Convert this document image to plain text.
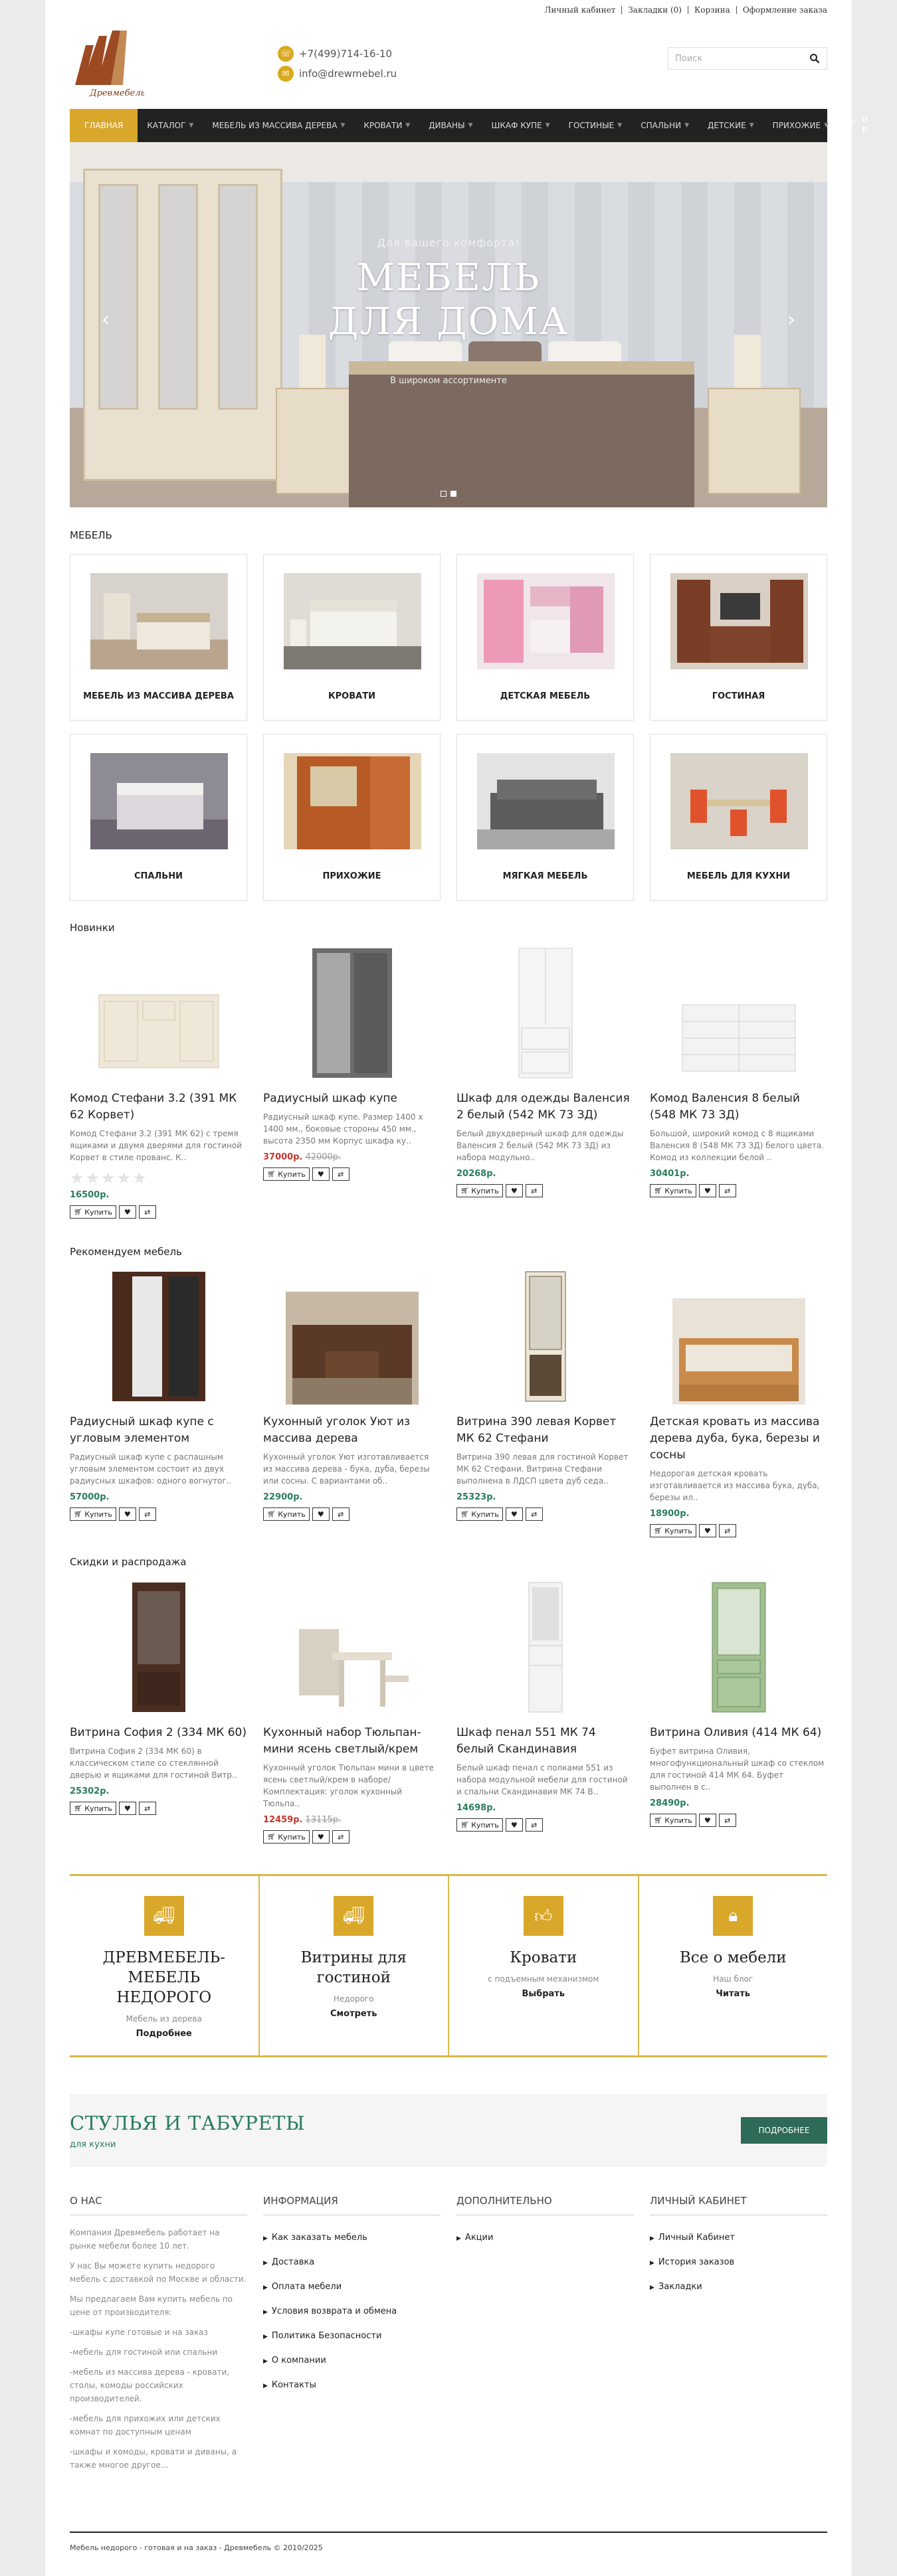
Личный кабинет	Закладки (0)	Корзина	Оформление заказа
Древмебель
☏ +7(499)714-16-10
✉ info@drewmebel.ru
Поиск
ГЛАВНАЯ	КАТАЛОГ ▼ МЕБЕЛЬ ИЗ МАССИВА ДЕРЕВА ▼ КРОВАТИ ▼ ДИВАНЫ ▼ ШКАФ КУПЕ ▼ ГОСТИНЫЕ ▼ СПАЛЬНИ ▼ ДЕТСКИЕ ▼ ПРИХОЖИЕ ▼ 🛒︎ 0 0 Р.
Для вашего комфорта!
МЕБЕЛЬ
ДЛЯ ДОМА
В широком ассортименте
‹	›
МЕБЕЛЬ
МЕБЕЛЬ ИЗ МАССИВА ДЕРЕВА	КРОВАТИ	ДЕТСКАЯ МЕБЕЛЬ	ГОСТИНАЯ
СПАЛЬНИ	ПРИХОЖИЕ	МЯГКАЯ МЕБЕЛЬ	МЕБЕЛЬ ДЛЯ КУХНИ
Новинки
Комод Стефани 3.2 (391 МК 62 Корвет)
Комод Стефани 3.2 (391 МК 62) с тремя ящиками и двумя дверями для гостиной Корвет в стиле прованс. К..
★★★★★
16500р.
🛒︎
Купить ♥ ⇄
Радиусный шкаф купе
Радиусный шкаф купе. Размер 1400 х 1400 мм., боковые стороны 450 мм., высота 2350 мм Корпус шкафа ку..
37000р. 42000р.
🛒︎
Купить ♥ ⇄
Шкаф для одежды Валенсия 2 белый (542 МК 73 ЗД)
Белый двухдверный шкаф для одежды Валенсия 2 белый (542 МК 73 ЗД) из набора модульно..
20268р.
🛒︎
Купить ♥ ⇄
Комод Валенсия 8 белый (548 МК 73 ЗД)
Большой, широкий комод с 8 ящиками Валенсия 8 (548 МК 73 ЗД) белого цвета. Комод из коллекции белой ..
30401р.
🛒︎
Купить ♥ ⇄
Рекомендуем мебель
Радиусный шкаф купе с угловым элементом
Радиусный шкаф купе с распашным угловым элементом состоит из двух радиусных шкафов: одного вогнутог..
57000р.
🛒︎
Купить ♥ ⇄
Кухонный уголок Уют из массива дерева
Кухонный уголок Уют изготавливается из массива дерева - бука, дуба, березы или сосны. С вариантами об..
22900р.
🛒︎
Купить ♥ ⇄
Витрина 390 левая Корвет МК 62 Стефани
Витрина 390 левая для гостиной Корвет МК 62 Стефани. Витрина Стефани выполнена в ЛДСП цвета дуб седа..
25323р.
🛒︎
Купить ♥ ⇄
Детская кровать из массива дерева дуба, бука, березы и сосны
Недорогая детская кровать изготавливается из массива бука, дуба, березы ил..
18900р.
🛒︎
Купить ♥ ⇄
Скидки и распродажа
Витрина София 2 (334 МК 60)
Витрина София 2 (334 МК 60) в классическом стиле со стеклянной дверью и ящиками для гостиной Витр..
25302р.
🛒︎
Купить ♥ ⇄
Кухонный набор Тюльпан-мини ясень светлый/крем
Кухонный уголок Тюльпан мини в цвете ясень светлый/крем в наборе/Комплектация: уголок кухонный Тюльпа..
12459р. 13115р.
🛒︎
Купить ♥ ⇄
Шкаф пенал 551 МК 74 белый Скандинавия
Белый шкаф пенал с полками 551 из набора модульной мебели для гостиной и спальни Скандинавия МК 74 В..
14698р.
🛒︎
Купить ♥ ⇄
Витрина Оливия (414 МК 64)
Буфет витрина Оливия, многофункциональный шкаф со стеклом для гостиной 414 МК 64. Буфет выполнен в с..
28490р.
🛒︎
Купить ♥ ⇄
🚚︎
ДРЕВМЕБЕЛЬ-МЕБЕЛЬ НЕДОРОГО
Мебель из дерева
Подробнее
🚚︎
Витрины для гостиной
Недорого
Смотреть
👍︎
Кровати
с подъемным механизмом
Выбрать
🔒︎
Все о мебели
Наш блог
Читать
СТУЛЬЯ И ТАБУРЕТЫ
для кухни
ПОДРОБНЕЕ
О НАС
Компания Древмебель работает на рынке мебели более 10 лет.
У нас Вы можете купить недорого мебель с доставкой по Москве и области.
Мы предлагаем Вам купить мебель по цене от производителя:
-шкафы купе готовые и на заказ
-мебель для гостиной или спальни
-мебель из массива дерева - кровати, столы, комоды российских производителей.
-мебель для прихожих или детских комнат по доступным ценам
-шкафы и комоды, кровати и диваны, а также многое другое...
ИНФОРМАЦИЯ
▶ Как заказать мебель
▶ Доставка
▶ Оплата мебели
▶ Условия возврата и обмена
▶ Политика Безопасности
▶ О компании
▶ Контакты
ДОПОЛНИТЕЛЬНО
▶ Акции
ЛИЧНЫЙ КАБИНЕТ
▶ Личный Кабинет
▶ История заказов
▶ Закладки
Мебель недорого - готовая и на заказ - Древмебель © 2010/2025
